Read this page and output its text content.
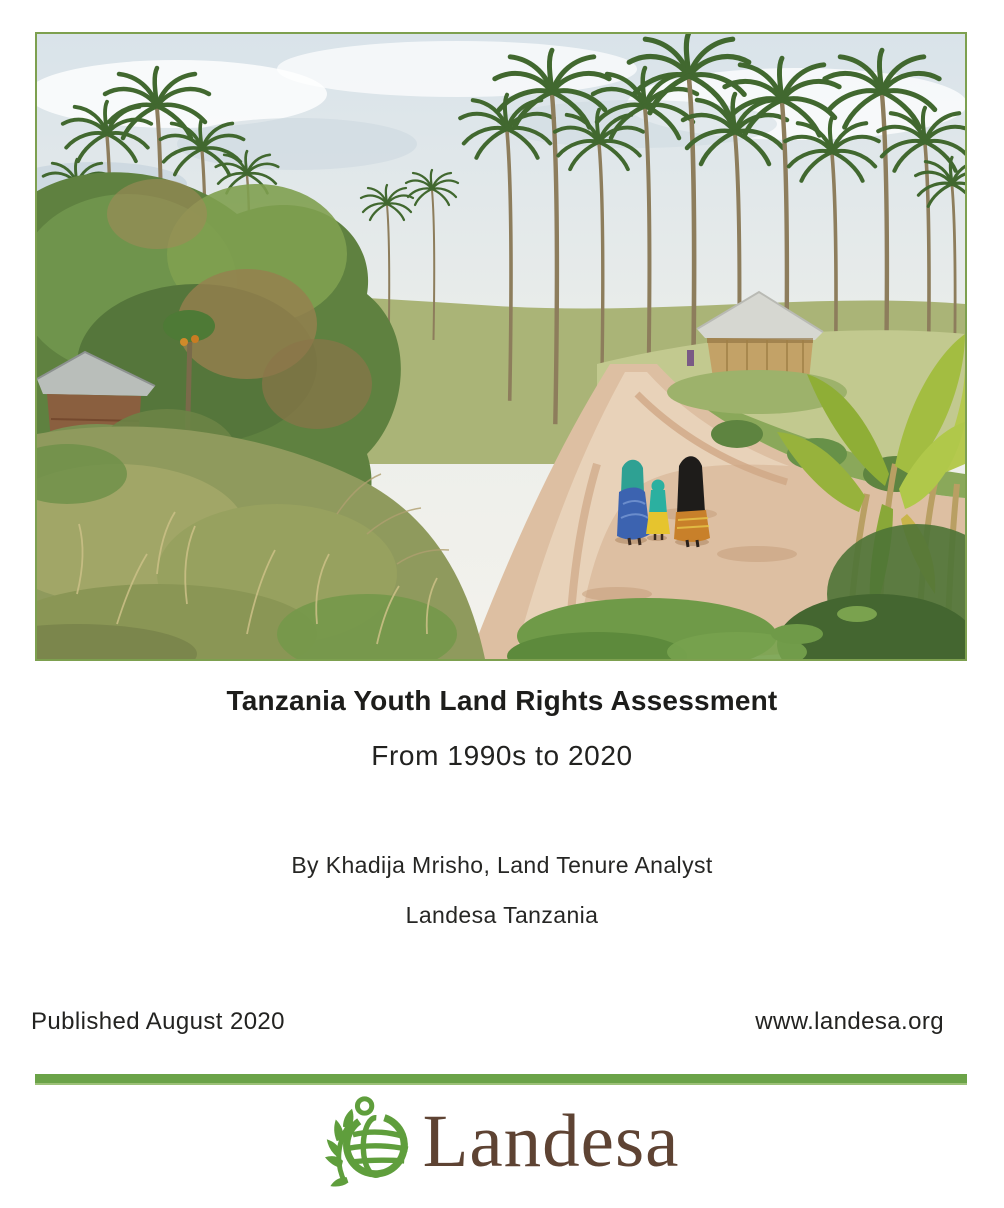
Tanzania Youth Land Rights Assessment
From 1990s to 2020

By Khadija Mrisho, Land Tenure Analyst

Landesa Tanzania

Published August 2020	www.landesa.org
Landesa
